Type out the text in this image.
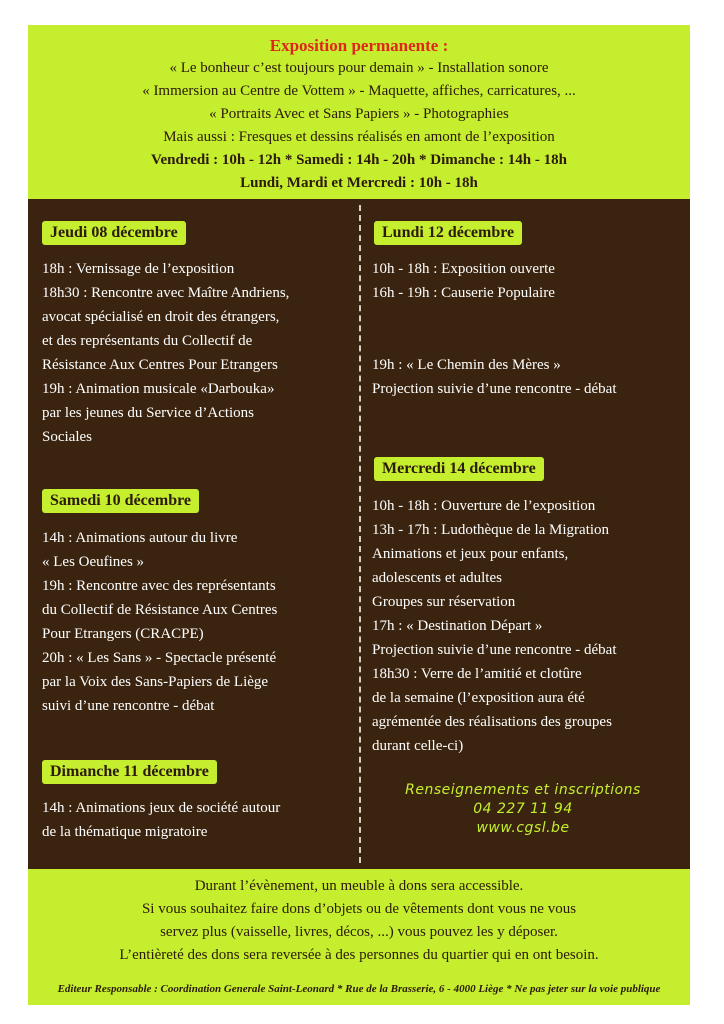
Exposition permanente :
« Le bonheur c’est toujours pour demain » - Installation sonore
« Immersion au Centre de Vottem » - Maquette, affiches, carricatures, ...
« Portraits Avec et Sans Papiers » - Photographies
Mais aussi : Fresques et dessins réalisés en amont de l’exposition
Vendredi : 10h - 12h * Samedi : 14h - 20h * Dimanche : 14h - 18h
Lundi, Mardi et Mercredi : 10h - 18h
Jeudi 08 décembre
18h : Vernissage de l’exposition
18h30 : Rencontre avec Maître Andriens,
avocat spécialisé en droit des étrangers,
et des représentants du Collectif de
Résistance Aux Centres Pour Etrangers
19h : Animation musicale «Darbouka»
par les jeunes du Service d’Actions
Sociales
Samedi 10 décembre
14h : Animations autour du livre
« Les Oeufines »
19h : Rencontre avec des représentants
du Collectif de Résistance Aux Centres
Pour Etrangers (CRACPE)
20h : « Les Sans » - Spectacle présenté
par la Voix des Sans-Papiers de Liège
suivi d’une rencontre - débat
Dimanche 11 décembre
14h : Animations jeux de société autour
de la thématique migratoire
Lundi 12 décembre
10h - 18h : Exposition ouverte
16h - 19h : Causerie Populaire
19h : « Le Chemin des Mères »
Projection suivie d’une rencontre - débat
Mercredi 14 décembre
10h - 18h : Ouverture de l’exposition
13h - 17h : Ludothèque de la Migration
Animations et jeux pour enfants,
adolescents et adultes
Groupes sur réservation
17h : « Destination Départ »
Projection suivie d’une rencontre - débat
18h30 : Verre de l’amitié et clotûre
de la semaine (l’exposition aura été
agrémentée des réalisations des groupes
durant celle-ci)
Renseignements et inscriptions
04 227 11 94
www.cgsl.be
Durant l’évènement, un meuble à dons sera accessible.
Si vous souhaitez faire dons d’objets ou de vêtements dont vous ne vous
servez plus (vaisselle, livres, décos, ...) vous pouvez les y déposer.
L’entièreté des dons sera reversée à des personnes du quartier qui en ont besoin.
Editeur Responsable : Coordination Generale Saint-Leonard * Rue de la Brasserie, 6 - 4000 Liège * Ne pas jeter sur la voie publique
